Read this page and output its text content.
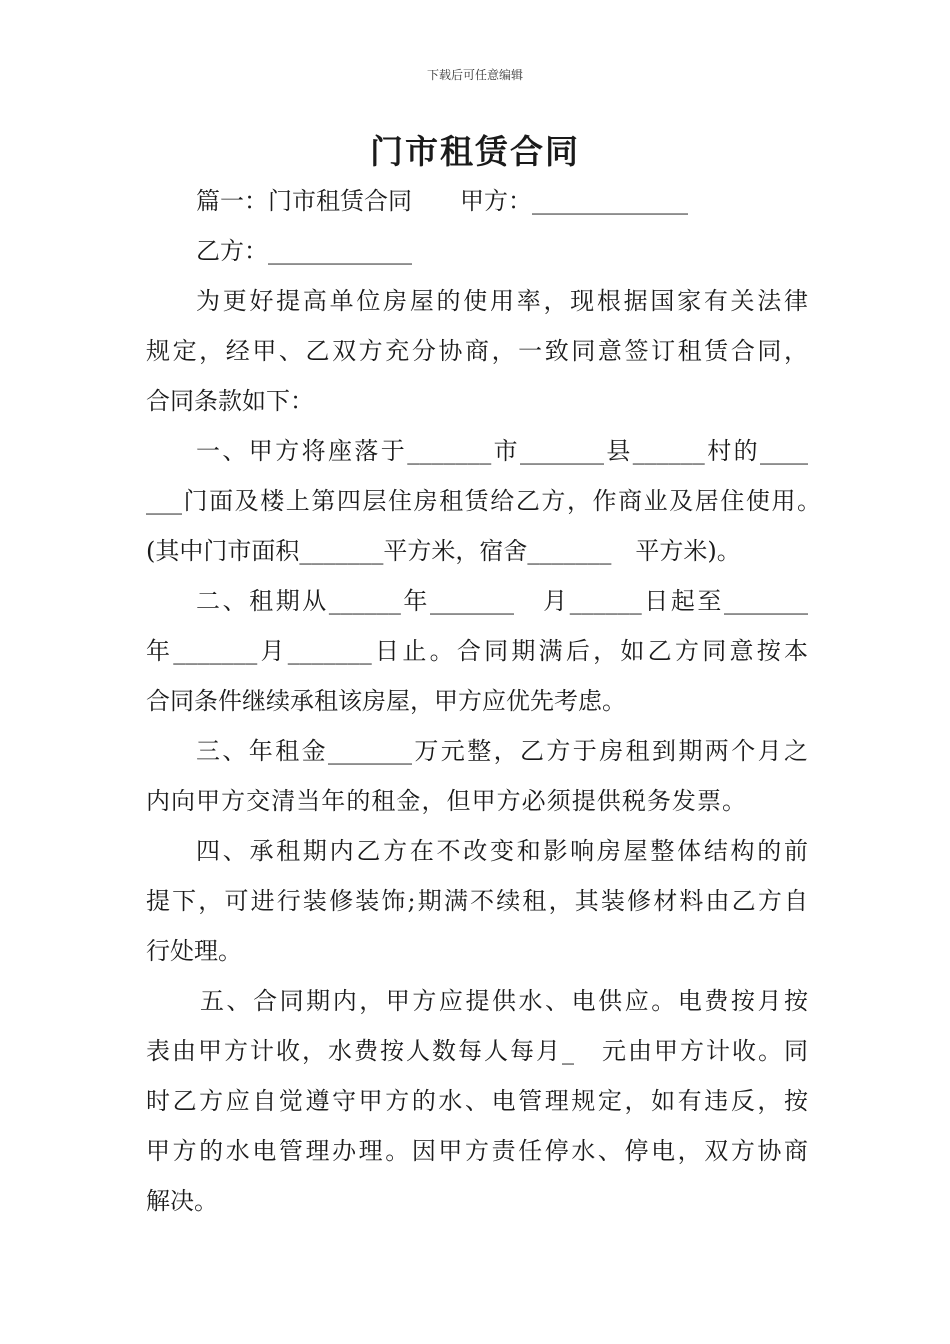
下载后可任意编辑
门市租赁合同
篇一：门市租赁合同　　甲方：_____________
乙方：____________
为更好提高单位房屋的使用率，现根据国家有关法律
规定，经甲、乙双方充分协商，一致同意签订租赁合同，
合同条款如下：
一、甲方将座落于_______市_______县______村的____
___门面及楼上第四层住房租赁给乙方，作商业及居住使用。
(其中门市面积_______平方米，宿舍_______　平方米)。
二、租期从______年_______　月______日起至_______
年_______月_______日止。合同期满后，如乙方同意按本
合同条件继续承租该房屋，甲方应优先考虑。
三、年租金_______万元整，乙方于房租到期两个月之
内向甲方交清当年的租金，但甲方必须提供税务发票。
四、承租期内乙方在不改变和影响房屋整体结构的前
提下，可进行装修装饰;期满不续租，其装修材料由乙方自
行处理。
五、合同期内，甲方应提供水、电供应。电费按月按
表由甲方计收，水费按人数每人每月_　元由甲方计收。同
时乙方应自觉遵守甲方的水、电管理规定，如有违反，按
甲方的水电管理办理。因甲方责任停水、停电，双方协商
解决。
